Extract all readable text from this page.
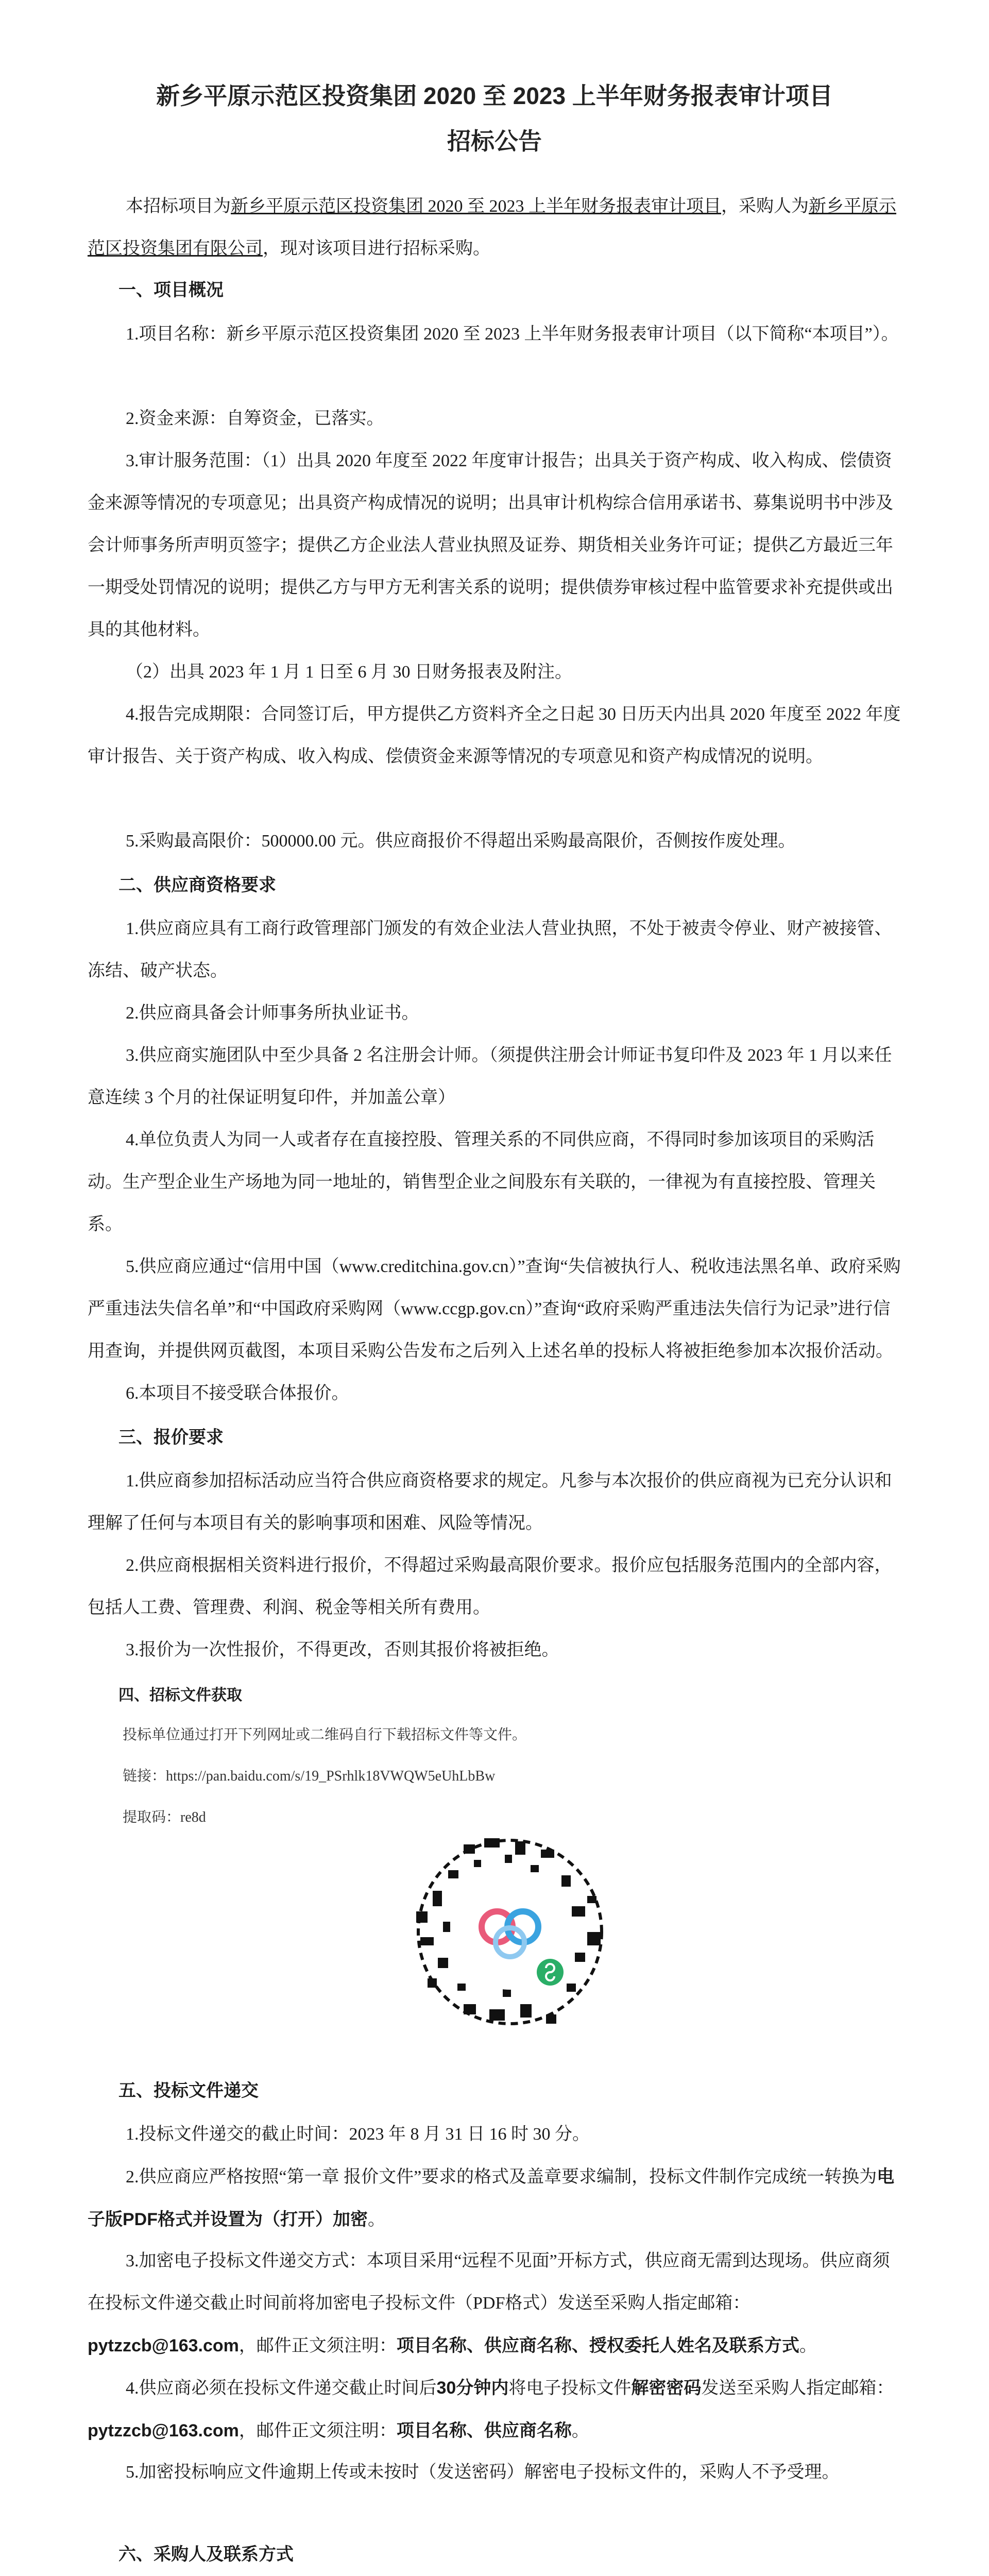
新乡平原示范区投资集团 2020 至 2023 上半年财务报表审计项目
招标公告
本招标项目为新乡平原示范区投资集团 2020 至 2023 上半年财务报表审计项目，采购人为新乡平原示范区投资集团有限公司，现对该项目进行招标采购。
一、项目概况
1.项目名称：新乡平原示范区投资集团 2020 至 2023 上半年财务报表审计项目（以下简称“本项目”）。
2.资金来源：自筹资金，已落实。
3.审计服务范围：（1）出具 2020 年度至 2022 年度审计报告；出具关于资产构成、收入构成、偿债资金来源等情况的专项意见；出具资产构成情况的说明；出具审计机构综合信用承诺书、募集说明书中涉及会计师事务所声明页签字；提供乙方企业法人营业执照及证券、期货相关业务许可证；提供乙方最近三年一期受处罚情况的说明；提供乙方与甲方无利害关系的说明；提供债券审核过程中监管要求补充提供或出具的其他材料。
（2）出具 2023 年 1 月 1 日至 6 月 30 日财务报表及附注。
4.报告完成期限：合同签订后，甲方提供乙方资料齐全之日起 30 日历天内出具 2020 年度至 2022 年度审计报告、关于资产构成、收入构成、偿债资金来源等情况的专项意见和资产构成情况的说明。
5.采购最高限价：500000.00 元。供应商报价不得超出采购最高限价，否侧按作废处理。
二、供应商资格要求
1.供应商应具有工商行政管理部门颁发的有效企业法人营业执照，不处于被责令停业、财产被接管、冻结、破产状态。
2.供应商具备会计师事务所执业证书。
3.供应商实施团队中至少具备 2 名注册会计师。（须提供注册会计师证书复印件及 2023 年 1 月以来任意连续 3 个月的社保证明复印件，并加盖公章）
4.单位负责人为同一人或者存在直接控股、管理关系的不同供应商，不得同时参加该项目的采购活动。生产型企业生产场地为同一地址的，销售型企业之间股东有关联的，一律视为有直接控股、管理关系。
5.供应商应通过“信用中国（www.creditchina.gov.cn）”查询“失信被执行人、税收违法黑名单、政府采购严重违法失信名单”和“中国政府采购网（www.ccgp.gov.cn）”查询“政府采购严重违法失信行为记录”进行信用查询，并提供网页截图，本项目采购公告发布之后列入上述名单的投标人将被拒绝参加本次报价活动。
6.本项目不接受联合体报价。
三、报价要求
1.供应商参加招标活动应当符合供应商资格要求的规定。凡参与本次报价的供应商视为已充分认识和理解了任何与本项目有关的影响事项和困难、风险等情况。
2.供应商根据相关资料进行报价，不得超过采购最高限价要求。报价应包括服务范围内的全部内容，包括人工费、管理费、利润、税金等相关所有费用。
3.报价为一次性报价，不得更改，否则其报价将被拒绝。
四、招标文件获取
投标单位通过打开下列网址或二维码自行下载招标文件等文件。
链接：https://pan.baidu.com/s/19_PSrhlk18VWQW5eUhLbBw
提取码：re8d
五、投标文件递交
1.投标文件递交的截止时间：2023 年 8 月 31 日 16 时 30 分。
2.供应商应严格按照“第一章 报价文件”要求的格式及盖章要求编制，投标文件制作完成统一转换为电子版PDF格式并设置为（打开）加密。
3.加密电子投标文件递交方式：本项目采用“远程不见面”开标方式，供应商无需到达现场。供应商须在投标文件递交截止时间前将加密电子投标文件（PDF格式）发送至采购人指定邮箱：pytzzcb@163.com，邮件正文须注明：项目名称、供应商名称、授权委托人姓名及联系方式。
4.供应商必须在投标文件递交截止时间后30分钟内将电子投标文件解密密码发送至采购人指定邮箱：pytzzcb@163.com，邮件正文须注明：项目名称、供应商名称。
5.加密投标响应文件逾期上传或未按时（发送密码）解密电子投标文件的，采购人不予受理。
六、采购人及联系方式
